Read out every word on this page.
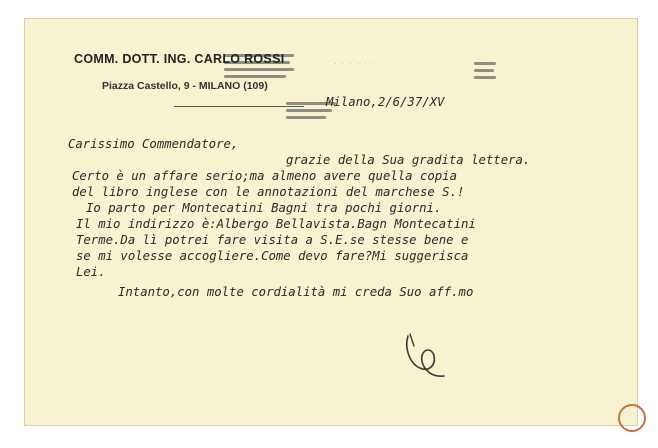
· · · · · ·
COMM. DOTT. ING. CARLO ROSSI
Piazza Castello, 9 - MILANO (109)
Milano,2/6/37/XV
Carissimo Commendatore,
grazie della Sua gradita lettera.
Certo è un affare serio;ma almeno avere quella copia
del libro inglese con le annotazioni del marchese S.!
Io parto per Montecatini Bagni tra pochi giorni.
Il mio indirizzo è:Albergo Bellavista.Bagn Montecatini
Terme.Da lì potrei fare visita a S.E.se stesse bene e
se mi volesse accogliere.Come devo fare?Mi suggerisca
Lei.
Intanto,con molte cordialità mi creda Suo aff.mo
